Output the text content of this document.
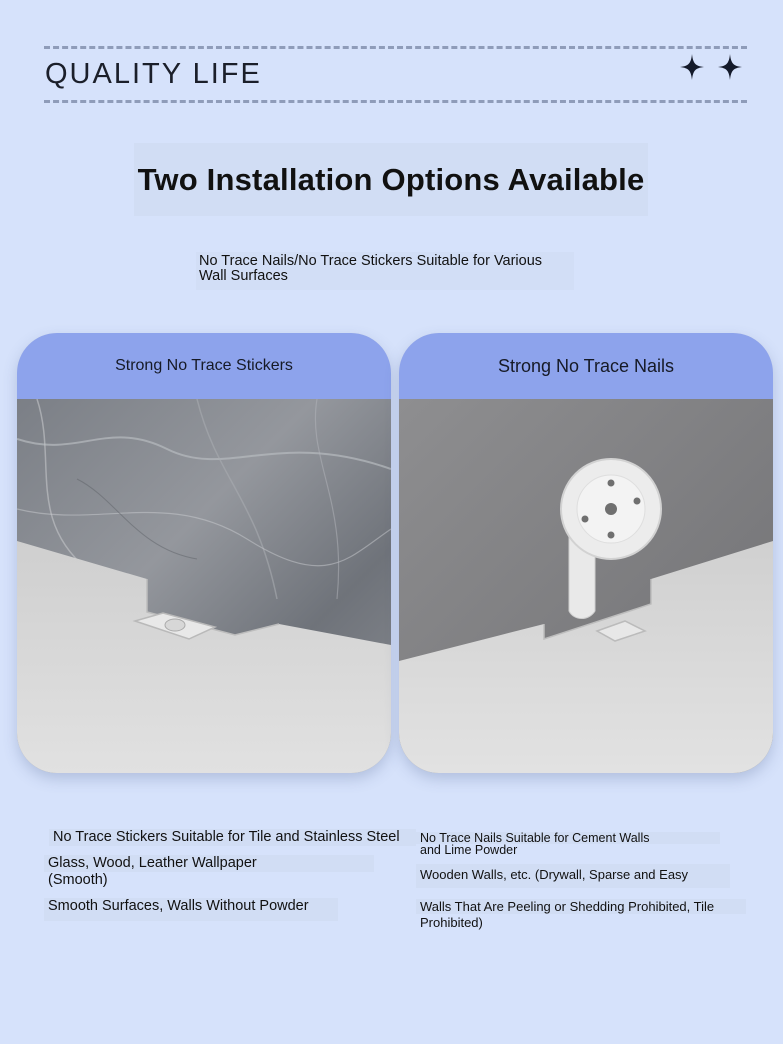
QUALITY LIFE
Two Installation Options Available
No Trace Nails/No Trace Stickers Suitable for Various Wall Surfaces
Strong No Trace Stickers	Strong No Trace Nails
No Trace Stickers Suitable for Tile and Stainless Steel
Glass, Wood, Leather Wallpaper
(Smooth)
Smooth Surfaces, Walls Without Powder
No Trace Nails Suitable for Cement Walls
and Lime Powder
Wooden Walls, etc. (Drywall, Sparse and Easy
Walls That Are Peeling or Shedding Prohibited, Tile
Prohibited)
